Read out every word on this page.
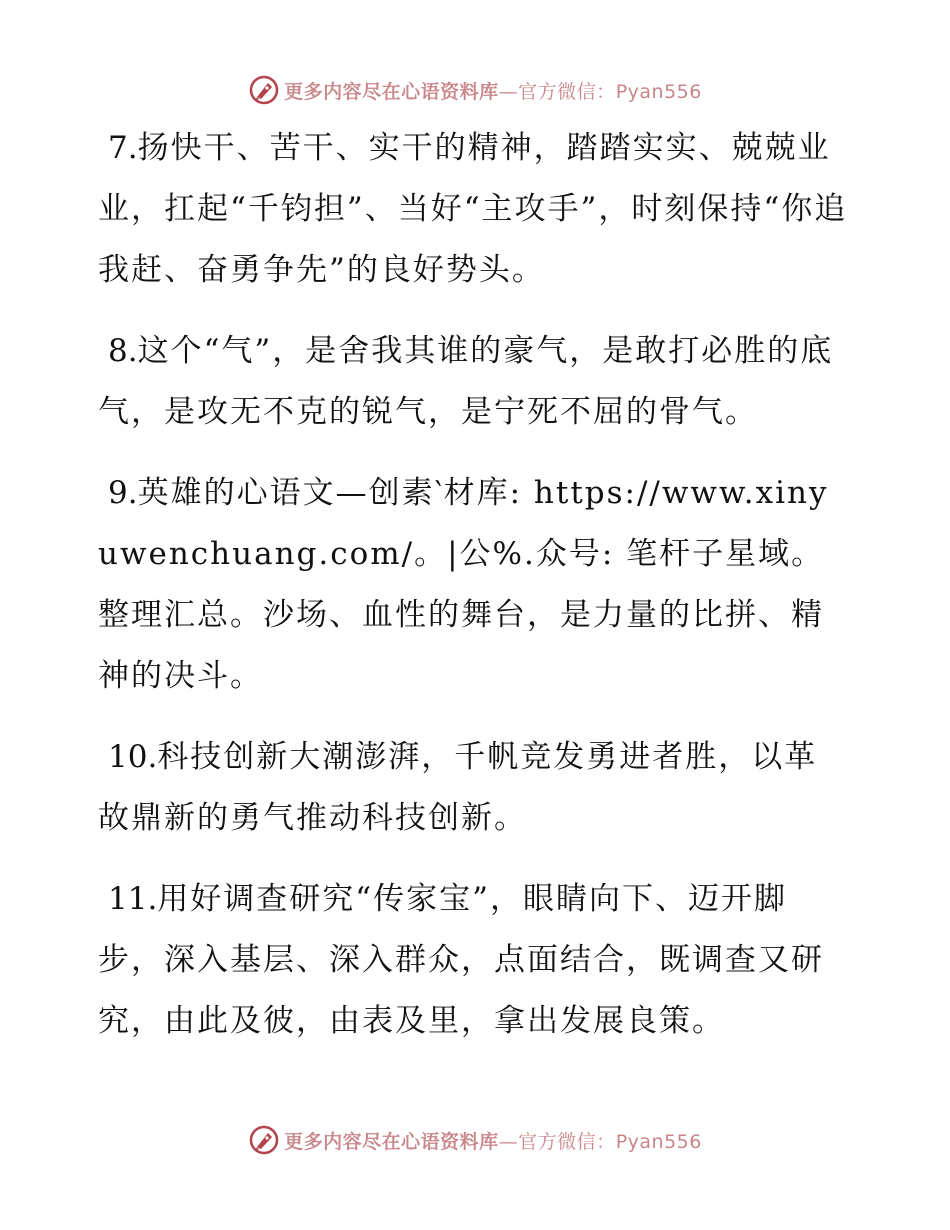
更多内容尽在心语资料库—官方微信：Pyan556

7.扬快干、苦干、实干的精神，踏踏实实、兢兢业业，扛起“千钧担”、当好“主攻手”，时刻保持“你追我赶、奋勇争先”的良好势头。

8.这个“气”，是舍我其谁的豪气，是敢打必胜的底气，是攻无不克的锐气，是宁死不屈的骨气。

9.英雄的心语文—创素‵材库: https://www.xinyuwenchuang.com/。|公%.众号: 笔杆子星域。整理汇总。沙场、血性的舞台，是力量的比拼、精神的决斗。

10.科技创新大潮澎湃，千帆竞发勇进者胜，以革故鼎新的勇气推动科技创新。

11.用好调查研究“传家宝”，眼睛向下、迈开脚步，深入基层、深入群众，点面结合，既调查又研究，由此及彼，由表及里，拿出发展良策。

更多内容尽在心语资料库—官方微信：Pyan556
